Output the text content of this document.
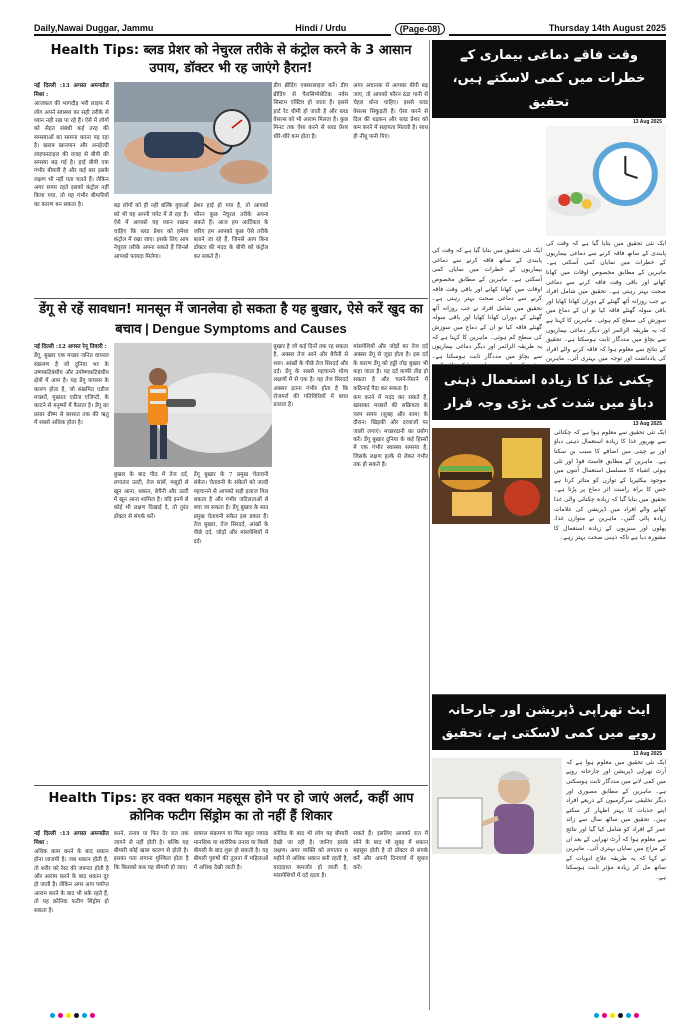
Daily,Nawai Duggar, Jammu	Hindi / Urdu	(Page-08)	Thursday 14th August 2025
Health Tips: ब्लड प्रेशर को नेचुरल तरीके से कंट्रोल करने के 3 आसान उपाय, डॉक्टर भी रह जाएंगे हैरान!

नई दिल्ली :13 अगस्त अमनप्रीत मिश्रा :

आजकल की भागदौड़ भरी लाइफ में लोग अपने स्वास्थ्य का सही तरीके से ध्यान नहीं रख पा रहे हैं। ऐसे में लोगों को सेहत संबंधी कई तरह की समस्याओं का सामना करना पड़ रहा है। खराब खानपान और अनहेल्दी लाइफस्टाइल की वजह से बीपी की समस्या बढ़ गई है। हाई बीपी एक गंभीर बीमारी है और कई बार इसके लक्षण भी नहीं पता चलते हैं। लेकिन अगर समय रहते इसको कंट्रोल नहीं किया गया, तो यह गंभीर बीमारियों का कारण बन सकता है।	बढ़ लोगों को ही नहीं बल्कि युवाओं को भी यह अपनी चपेट में ले रहा है। ऐसे में आपको यह ध्यान रखना चाहिए कि ब्लड प्रेशर को हमेशा कंट्रोल में रखा जाए। इसके लिए आप नेचुरल तरीके अपना सकते हैं जिनसे आपको फायदा मिलेगा।

प्रेशर हाई हो गया है, तो आपको फौरन कुछ नेचुरल तरीके अपना सकते हैं। आज हम आर्टिकल के जरिए हम आपको कुछ ऐसे तरीके बताने जा रहे हैं, जिनसे आप बिना डॉक्टर की मदद के बीपी को कंट्रोल कर सकते हैं।

डीप ब्रीदिंग एक्सरसाइज करें। डीप ब्रीदिंग से पैरासिम्पेथेटिक नर्वस सिस्टम एक्टिव हो जाता है। इससे हार्ट रेट धीमी हो जाती है और ब्लड वेसल्स को भी आराम मिलता है। कुछ मिनट तक ऐसा करने से ब्लड प्रेशर धीरे-धीरे कम होता है।

अगर अचानक से आपका बीपी बढ़ जाए, तो आपको फौरन ठंडा पानी से चेहरा धोना चाहिए। इससे ब्लड वेसल्स सिकुड़ती हैं। ऐसा करने से दिल की धड़कन और ब्लड प्रेशर को कम करने में सहायता मिलती है। साथ ही नींबू पानी पिएं।

डेंगू से रहें सावधान! मानसून में जानलेवा हो सकता है यह बुखार, ऐसे करें खुद का बचाव | Dengue Symptoms and Causes

नई दिल्ली :12 अगस्त रेनू तिवारी :

डेंगू, बुखार एक मच्छर जनित वायरल संक्रमण है जो दुनिया भर के उष्णकटिबंधीय और उपोष्णकटिबंधीय क्षेत्रों में आम है। यह डेंगू वायरस के कारण होता है, जो संक्रमित एडीज मच्छरों, मुख्यतः एडीज एजिप्टी, के काटने से मनुष्यों में फैलता है। डेंगू का प्रसार ग्रीष्म से बरसात तक की ऋतु में सबसे अधिक होता है।

बुखार के बाद पीठ में तेज दर्द, लगातार उल्टी, तेज सांसें, मसूड़ों से खून आना, थकान, बेचैनी और उल्टी में खून आना शामिल है। यदि इनमें से कोई भी लक्षण दिखाई दे, तो तुरंत डॉक्टर से संपर्क करें।

डेंगू बुखार के 7 प्रमुख चेतावनी संकेत। चेतावनी के संकेतों को जल्दी पहचानने से आपको सही इलाज मिल सकता है और गंभीर जटिलताओं से बचा जा सकता है। डेंगू बुखार के सात प्रमुख चेतावनी संकेत इस प्रकार हैं। तेज बुखार, तेज सिरदर्द, आंखों के पीछे दर्द, जोड़ों और मांसपेशियों में दर्द।

बुखार है जो कई दिनों तक रह सकता है, अक्सर तेज आने और बेचैनी से शरू। आंखों के पीछे तेज सिरदर्द और दर्द। डेंगू के सबसे पहचानने योग्य लक्षणों में से एक है। यह तेज सिरदर्द अक्सर इतना गंभीर होता है कि रोजमर्रा की गतिविधियों में बाधा डालता है।

मांसपेशियों और जोड़ों का तेज दर्द अक्सर डेंगू से जुड़ा होता है। इस दर्द के कारण डेंगू को हड्डी तोड़ बुखार भी कहा जाता है। यह दर्द काफी तीव्र हो सकता है और चलने-फिरने में कठिनाई पैदा कर सकता है।

कम करने में मदद कर सकते हैं, खासकर मच्छरों की सक्रियता के चरम समय (सुबह और शाम) के दौरान। खिड़की और दरवाजों पर जाली लगाएं। मच्छरदानी का प्रयोग करें। डेंगू बुखार दुनिया के कई हिस्सों में एक गंभीर स्वास्थ्य समस्या है, जिसके लक्षण हल्के से लेकर गंभीर तक हो सकते हैं।

Health Tips: हर वक्त थकान महसूस होने पर हो जाएं अलर्ट, कहीं आप क्रोनिक फटीग सिंड्रोम का तो नहीं हैं शिकार

नई दिल्ली :13 अगस्त अमनप्रीत मिश्रा :

अधिक काम करने के बाद थकान होना लाजमी है। जब थकान होती है, तो शरीर को रेस्ट की जरूरत होती है और आराम करने के बाद थकान दूर हो जाती है। लेकिन अगर आप पर्याप्त आराम करने के बाद भी थके रहते हैं, तो यह क्रोनिक फटीग सिंड्रोम हो सकता है।

करने, तनाव या फिर देर रात तक जागने से नहीं होती है। बल्कि यह बीमारी कोई खास कारण से होती है। इसका पता लगाना मुश्किल होता है कि किसको कब यह बीमारी हो जाए।

वायरल संक्रमण या फिर बहुत ज्यादा मानसिक या शारीरिक तनाव या किसी बीमारी के बाद शुरू हो सकती है। यह बीमारी पुरुषों की तुलना में महिलाओं में अधिक देखी जाती है।

कोविड के बाद भी लोग यह बीमारी देखी जा रही है। जानिए इसके लक्षण। अगर व्यक्ति को लगातार 6 महीने से अधिक थकान बनी रहती है, याददाश्त कमजोर हो जाती है, मांसपेशियों में दर्द रहता है।

सकते हैं। इसलिए आपको रात में सोने के बाद भी सुबह में थकान महसूस होती है तो डॉक्टर से संपर्क करें और अपनी दिनचर्या में सुधार करें।

وقت فاقے دماغی بیماری کے خطرات میں کمی لاسکتے ہیں، تحقیق
13 Aug 2025
ایک نئی تحقیق میں بتایا گیا ہے کہ وقت کی پابندی کے ساتھ فاقہ کرنے سے دماغی بیماریوں کے خطرات میں نمایاں کمی آسکتی ہے۔ ماہرین کے مطابق مخصوص اوقات میں کھانا کھانے اور باقی وقت فاقہ کرنے سے دماغی صحت بہتر رہتی ہے۔ تحقیق میں شامل افراد نے جب روزانہ آٹھ گھنٹے کے دوران کھانا کھایا اور باقی سولہ گھنٹے فاقہ کیا تو ان کے دماغ میں سوزش کی سطح کم ہوئی۔ ماہرین کا کہنا ہے کہ یہ طریقہ الزائمر اور دیگر دماغی بیماریوں سے بچاؤ میں مددگار ثابت ہوسکتا ہے۔
ایک نئی تحقیق میں بتایا گیا ہے کہ وقت کی پابندی کے ساتھ فاقہ کرنے سے دماغی بیماریوں کے خطرات میں نمایاں کمی آسکتی ہے۔ ماہرین کے مطابق مخصوص اوقات میں کھانا کھانے اور باقی وقت فاقہ کرنے سے دماغی صحت بہتر رہتی ہے۔ تحقیق میں شامل افراد نے جب روزانہ آٹھ گھنٹے کے دوران کھانا کھایا اور باقی سولہ گھنٹے فاقہ کیا تو ان کے دماغ میں سوزش کی سطح کم ہوئی۔ ماہرین کا کہنا ہے کہ یہ طریقہ الزائمر اور دیگر دماغی بیماریوں سے بچاؤ میں مددگار ثابت ہوسکتا ہے۔ تحقیق کے نتائج سے معلوم ہوا کہ فاقہ کرنے والے افراد کی یادداشت اور توجہ میں بہتری آئی۔ ماہرین
چکنی غذا کا زیادہ استعمال ذہنی دباؤ میں شدت کی بڑی وجہ قرار
13 Aug 2025
ایک نئی تحقیق سے معلوم ہوا ہے کہ چکنائی سے بھرپور غذا کا زیادہ استعمال ذہنی دباؤ اور بے چینی میں اضافے کا سبب بن سکتا ہے۔ ماہرین کے مطابق فاسٹ فوڈ اور تلی ہوئی اشیاء کا مسلسل استعمال آنتوں میں موجود بیکٹیریا کے توازن کو متاثر کرتا ہے جس کا براہ راست اثر دماغ پر پڑتا ہے۔ تحقیق میں بتایا گیا کہ زیادہ چکنائی والی غذا کھانے والے افراد میں ڈپریشن کی علامات زیادہ پائی گئیں۔ ماہرین نے متوازن غذا، پھلوں اور سبزیوں کے زیادہ استعمال کا مشورہ دیا ہے تاکہ ذہنی صحت بہتر رہے۔
ایٹ تھراپی ڈپریشن اور جارحانہ رویے میں کمی لاسکتی ہے، تحقیق
13 Aug 2025
ایک نئی تحقیق میں معلوم ہوا ہے کہ آرٹ تھراپی ڈپریشن اور جارحانہ رویے میں کمی لانے میں مددگار ثابت ہوسکتی ہے۔ ماہرین کے مطابق مصوری اور دیگر تخلیقی سرگرمیوں کے ذریعے افراد اپنے جذبات کا بہتر اظہار کر سکتے ہیں۔ تحقیق میں ساٹھ سال سے زائد عمر کے افراد کو شامل کیا گیا اور نتائج سے معلوم ہوا کہ آرٹ تھراپی کے بعد ان کے مزاج میں نمایاں بہتری آئی۔ ماہرین نے کہا کہ یہ طریقہ علاج ادویات کے ساتھ مل کر زیادہ مؤثر ثابت ہوسکتا ہے۔
